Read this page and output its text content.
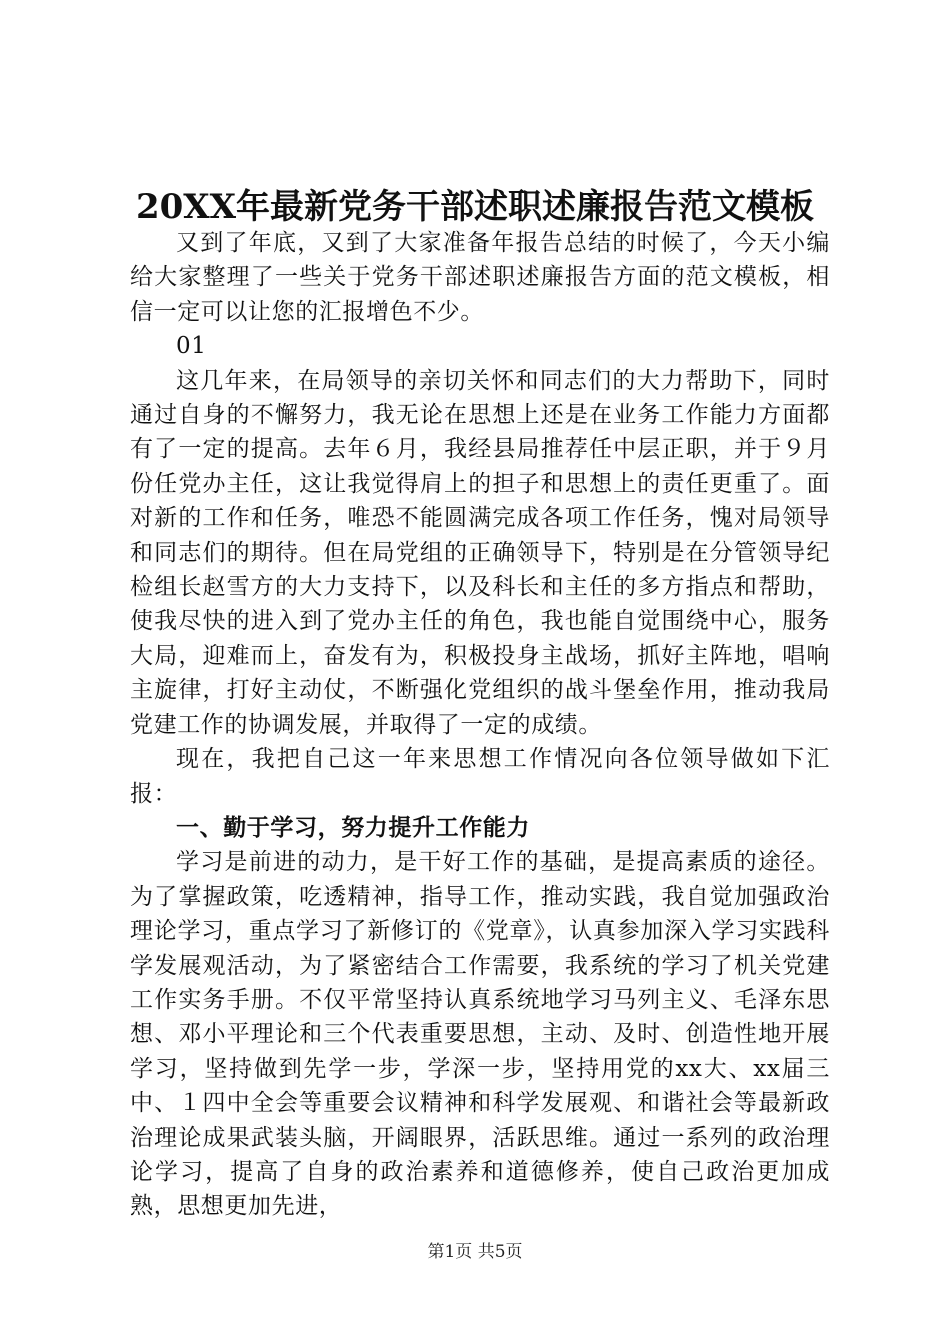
20XX年最新党务干部述职述廉报告范文模板

又到了年底，又到了大家准备年报告总结的时候了，今天小编给大家整理了一些关于党务干部述职述廉报告方面的范文模板，相信一定可以让您的汇报增色不少。

01

这几年来，在局领导的亲切关怀和同志们的大力帮助下，同时通过自身的不懈努力，我无论在思想上还是在业务工作能力方面都有了一定的提高。去年６月，我经县局推荐任中层正职，并于９月份任党办主任，这让我觉得肩上的担子和思想上的责任更重了。面对新的工作和任务，唯恐不能圆满完成各项工作任务，愧对局领导和同志们的期待。但在局党组的正确领导下，特别是在分管领导纪检组长赵雪方的大力支持下，以及科长和主任的多方指点和帮助，使我尽快的进入到了党办主任的角色，我也能自觉围绕中心，服务大局，迎难而上，奋发有为，积极投身主战场，抓好主阵地，唱响主旋律，打好主动仗，不断强化党组织的战斗堡垒作用，推动我局党建工作的协调发展，并取得了一定的成绩。

现在，我把自己这一年来思想工作情况向各位领导做如下汇报：

一、勤于学习，努力提升工作能力

学习是前进的动力，是干好工作的基础，是提高素质的途径。为了掌握政策，吃透精神，指导工作，推动实践，我自觉加强政治理论学习，重点学习了新修订的《党章》，认真参加深入学习实践科学发展观活动，为了紧密结合工作需要，我系统的学习了机关党建工作实务手册。不仅平常坚持认真系统地学习马列主义、毛泽东思想、邓小平理论和三个代表重要思想，主动、及时、创造性地开展学习，坚持做到先学一步，学深一步，坚持用党的xx大、xx届三中、１四中全会等重要会议精神和科学发展观、和谐社会等最新政治理论成果武装头脑，开阔眼界，活跃思维。通过一系列的政治理论学习，提高了自身的政治素养和道德修养，使自己政治更加成熟，思想更加先进，

第1页 共5页
